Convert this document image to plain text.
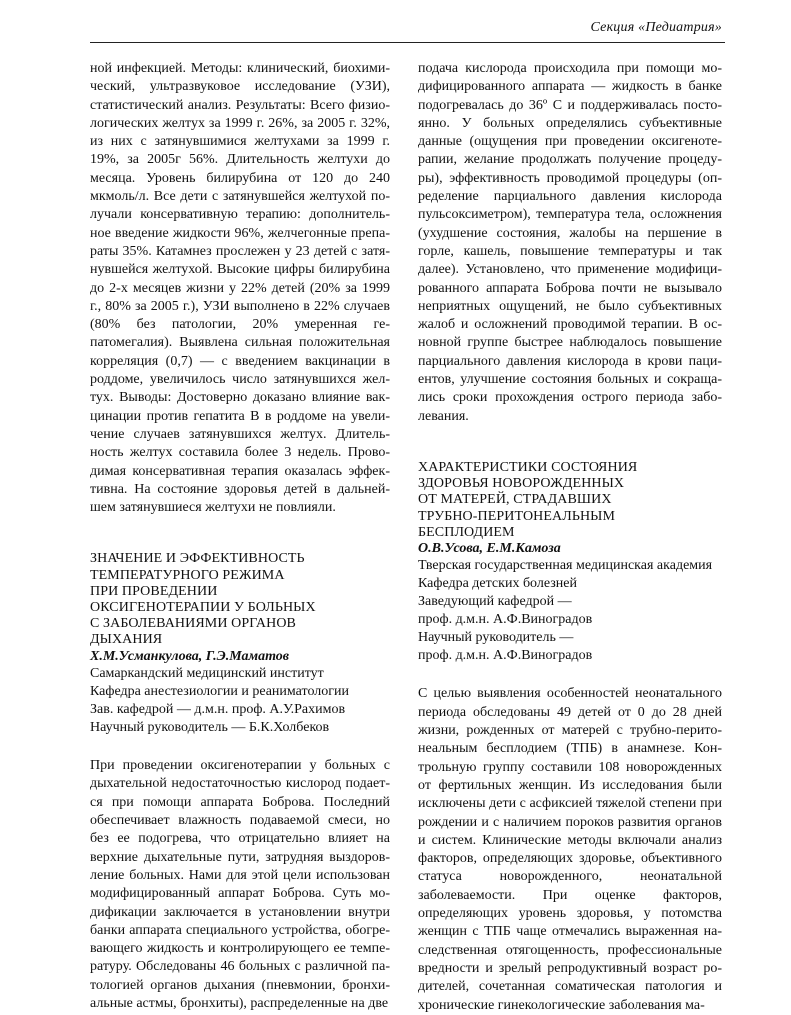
Секция «Педиатрия»

ной инфекцией. Методы: клинический, биохимический, ультразвуковое исследование (УЗИ), статистический анализ. Результаты: Всего физиологических желтух за 1999 г. 26%, за 2005 г. 32%, из них с затянувшимися желтухами за 1999 г. 19%, за 2005г 56%. Длительность желтухи до месяца. Уровень билирубина от 120 до 240 мкмоль/л. Все дети с затянувшейся желтухой получали консервативную терапию: дополнительное введение жидкости 96%, желчегонные препараты 35%. Катамнез прослежен у 23 детей с затянувшейся желтухой. Высокие цифры билирубина до 2-х месяцев жизни у 22% детей (20% за 1999 г., 80% за 2005 г.), УЗИ выполнено в 22% случаев (80% без патологии, 20% умеренная гепатомегалия). Выявлена сильная положительная корреляция (0,7) — с введением вакцинации в роддоме, увеличилось число затянувшихся желтух. Выводы: Достоверно доказано влияние вакцинации против гепатита В в роддоме на увеличение случаев затянувшихся желтух. Длительность желтух составила более 3 недель. Проводимая консервативная терапия оказалась эффективна. На состояние здоровья детей в дальнейшем затянувшиеся желтухи не повлияли.

ЗНАЧЕНИЕ И ЭФФЕКТИВНОСТЬ
ТЕМПЕРАТУРНОГО РЕЖИМА
ПРИ ПРОВЕДЕНИИ
ОКСИГЕНОТЕРАПИИ У БОЛЬНЫХ
С ЗАБОЛЕВАНИЯМИ ОРГАНОВ
ДЫХАНИЯ
Х.М.Усманкулова, Г.Э.Маматов
Самаркандский медицинский институт
Кафедра анестезиологии и реаниматологии
Зав. кафедрой — д.м.н. проф. А.У.Рахимов
Научный руководитель — Б.К.Холбеков

При проведении оксигенотерапии у больных с дыхательной недостаточностью кислород подается при помощи аппарата Боброва. Последний обеспечивает влажность подаваемой смеси, но без ее подогрева, что отрицательно влияет на верхние дыхательные пути, затрудняя выздоровление больных. Нами для этой цели использован модифицированный аппарат Боброва. Суть модификации заключается в установлении внутри банки аппарата специального устройства, обогревающего жидкость и контролирующего ее температуру. Обследованы 46 больных с различной патологией органов дыхания (пневмонии, бронхиальные астмы, бронхиты), распределенные на две

подача кислорода происходила при помощи модифицированного аппарата — жидкость в банке подогревалась до 36º С и поддерживалась постоянно. У больных определялись субъективные данные (ощущения при проведении оксигенотерапии, желание продолжать получение процедуры), эффективность проводимой процедуры (определение парциального давления кислорода пульсоксиметром), температура тела, осложнения (ухудшение состояния, жалобы на першение в горле, кашель, повышение температуры и так далее). Установлено, что применение модифицированного аппарата Боброва почти не вызывало неприятных ощущений, не было субъективных жалоб и осложнений проводимой терапии. В основной группе быстрее наблюдалось повышение парциального давления кислорода в крови пациентов, улучшение состояния больных и сокращались сроки прохождения острого периода заболевания.

ХАРАКТЕРИСТИКИ СОСТОЯНИЯ
ЗДОРОВЬЯ НОВОРОЖДЕННЫХ
ОТ МАТЕРЕЙ, СТРАДАВШИХ
ТРУБНО-ПЕРИТОНЕАЛЬНЫМ
БЕСПЛОДИЕМ
О.В.Усова, Е.М.Камоза
Тверская государственная медицинская академия
Кафедра детских болезней
Заведующий кафедрой —
проф. д.м.н. А.Ф.Виноградов
Научный руководитель —
проф. д.м.н. А.Ф.Виноградов

С целью выявления особенностей неонатального периода обследованы 49 детей от 0 до 28 дней жизни, рожденных от матерей с трубно-перитонеальным бесплодием (ТПБ) в анамнезе. Контрольную группу составили 108 новорожденных от фертильных женщин. Из исследования были исключены дети с асфиксией тяжелой степени при рождении и с наличием пороков развития органов и систем. Клинические методы включали анализ факторов, определяющих здоровье, объективного статуса новорожденного, неонатальной заболеваемости. При оценке факторов, определяющих уровень здоровья, у потомства женщин с ТПБ чаще отмечались выраженная наследственная отягощенность, профессиональные вредности и зрелый репродуктивный возраст родителей, сочетанная соматическая патология и хронические гинекологические заболевания ма-
